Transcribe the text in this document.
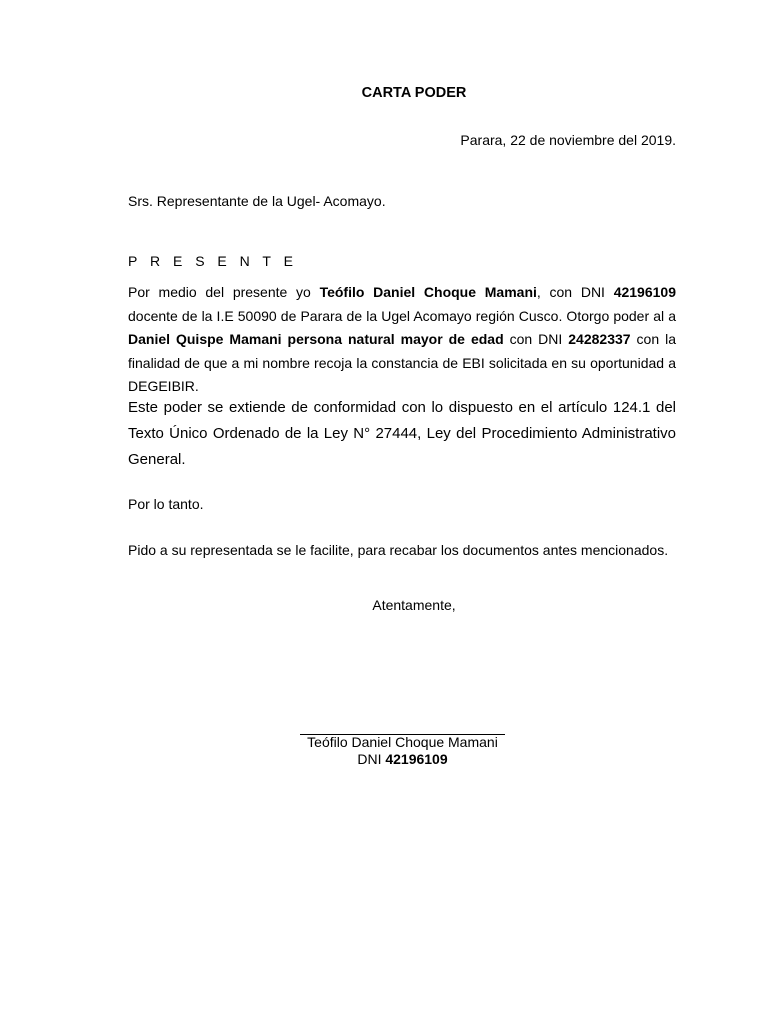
CARTA PODER
Parara, 22 de noviembre del 2019.
Srs. Representante de la Ugel- Acomayo.
P R E S E N T E

Por medio del presente yo Teófilo Daniel Choque Mamani, con DNI 42196109 docente de la I.E 50090 de Parara de la Ugel Acomayo región Cusco. Otorgo poder al a Daniel Quispe Mamani persona natural mayor de edad con DNI 24282337 con la finalidad de que a mi nombre recoja la constancia de EBI solicitada en su oportunidad a DEGEIBIR.

Este poder se extiende de conformidad con lo dispuesto en el artículo 124.1 del Texto Único Ordenado de la Ley N° 27444, Ley del Procedimiento Administrativo General.

Por lo tanto.
Pido a su representada se le facilite, para recabar los documentos antes mencionados.
Atentamente,
Teófilo Daniel Choque Mamani
DNI 42196109
